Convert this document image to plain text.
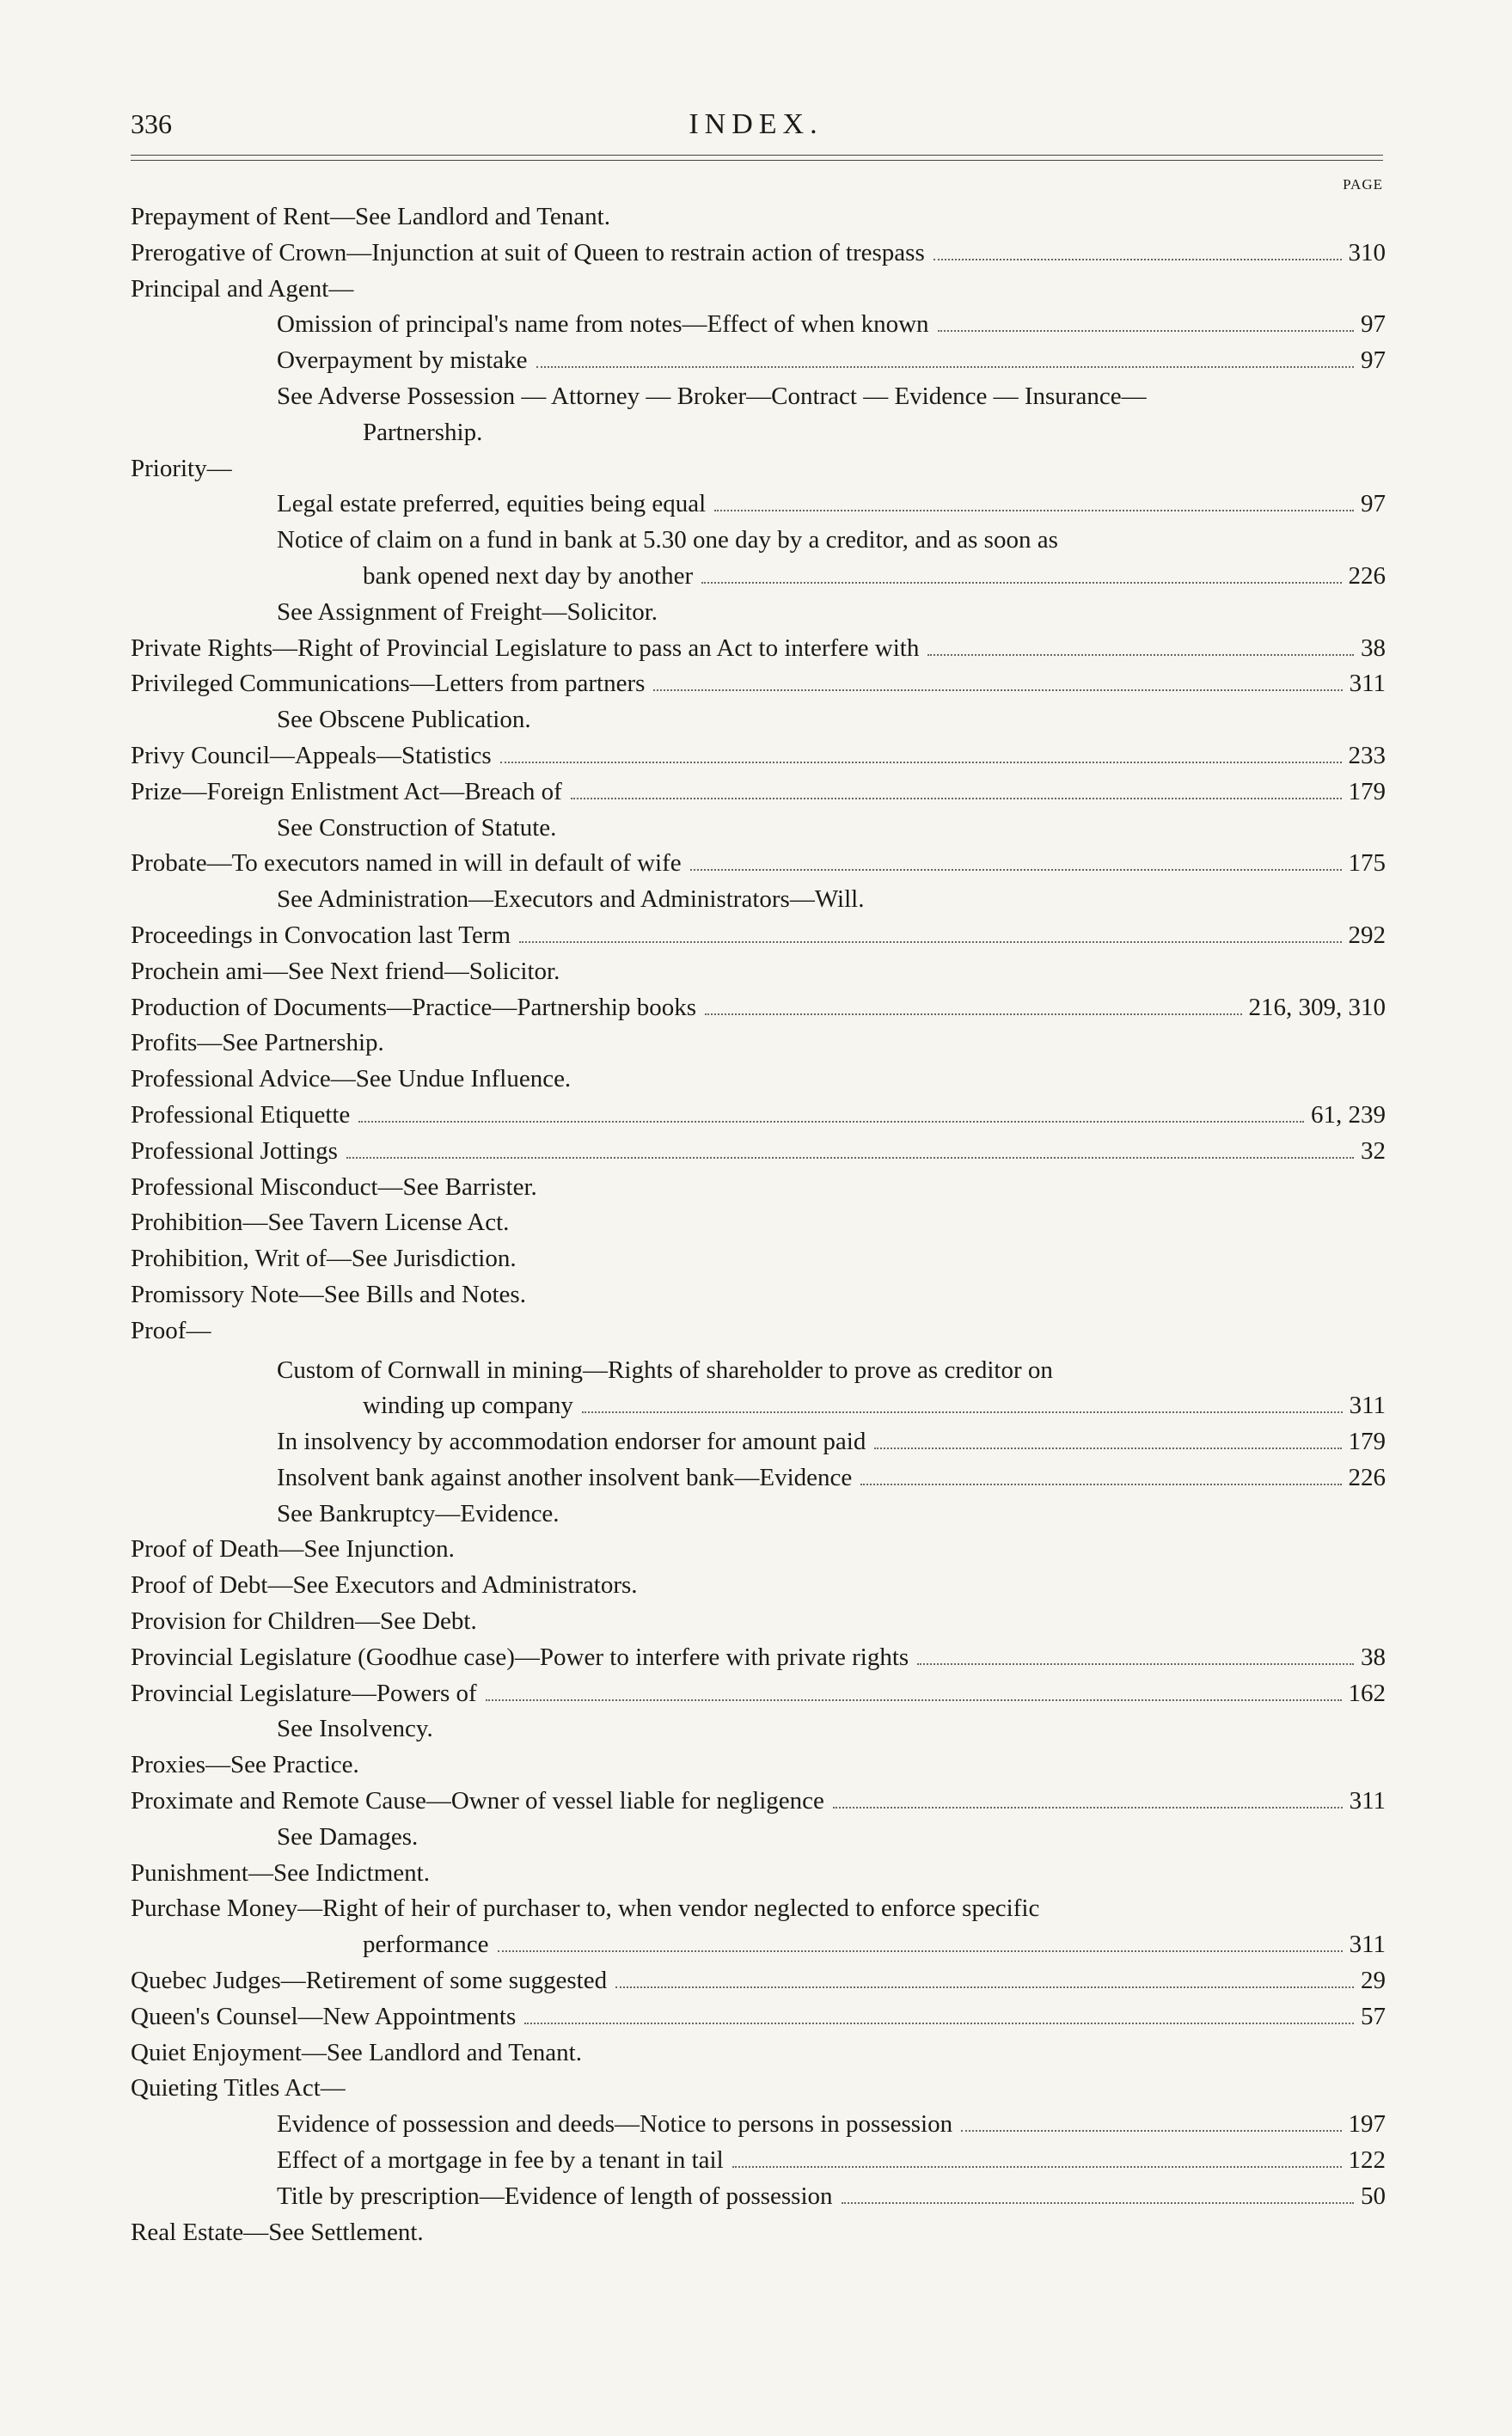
336	INDEX.
PAGE
Prepayment of Rent—See Landlord and Tenant.
Prerogative of Crown—Injunction at suit of Queen to restrain action of trespass	310
Principal and Agent—
Omission of principal's name from notes—Effect of when known	97
Overpayment by mistake	97
See Adverse Possession — Attorney — Broker—Contract — Evidence — Insurance—
Partnership.
Priority—
Legal estate preferred, equities being equal	97
Notice of claim on a fund in bank at 5.30 one day by a creditor, and as soon as
bank opened next day by another	226
See Assignment of Freight—Solicitor.
Private Rights—Right of Provincial Legislature to pass an Act to interfere with	38
Privileged Communications—Letters from partners	311
See Obscene Publication.
Privy Council—Appeals—Statistics	233
Prize—Foreign Enlistment Act—Breach of	179
See Construction of Statute.
Probate—To executors named in will in default of wife	175
See Administration—Executors and Administrators—Will.
Proceedings in Convocation last Term	292
Prochein ami—See Next friend—Solicitor.
Production of Documents—Practice—Partnership books	216, 309, 310
Profits—See Partnership.
Professional Advice—See Undue Influence.
Professional Etiquette	61, 239
Professional Jottings	32
Professional Misconduct—See Barrister.
Prohibition—See Tavern License Act.
Prohibition, Writ of—See Jurisdiction.
Promissory Note—See Bills and Notes.
Proof—
Custom of Cornwall in mining—Rights of shareholder to prove as creditor on
winding up company	311
In insolvency by accommodation endorser for amount paid	179
Insolvent bank against another insolvent bank—Evidence	226
See Bankruptcy—Evidence.
Proof of Death—See Injunction.
Proof of Debt—See Executors and Administrators.
Provision for Children—See Debt.
Provincial Legislature (Goodhue case)—Power to interfere with private rights	38
Provincial Legislature—Powers of	162
See Insolvency.
Proxies—See Practice.
Proximate and Remote Cause—Owner of vessel liable for negligence	311
See Damages.
Punishment—See Indictment.
Purchase Money—Right of heir of purchaser to, when vendor neglected to enforce specific
performance	311
Quebec Judges—Retirement of some suggested	29
Queen's Counsel—New Appointments	57
Quiet Enjoyment—See Landlord and Tenant.
Quieting Titles Act—
Evidence of possession and deeds—Notice to persons in possession	197
Effect of a mortgage in fee by a tenant in tail	122
Title by prescription—Evidence of length of possession	50
Real Estate—See Settlement.
